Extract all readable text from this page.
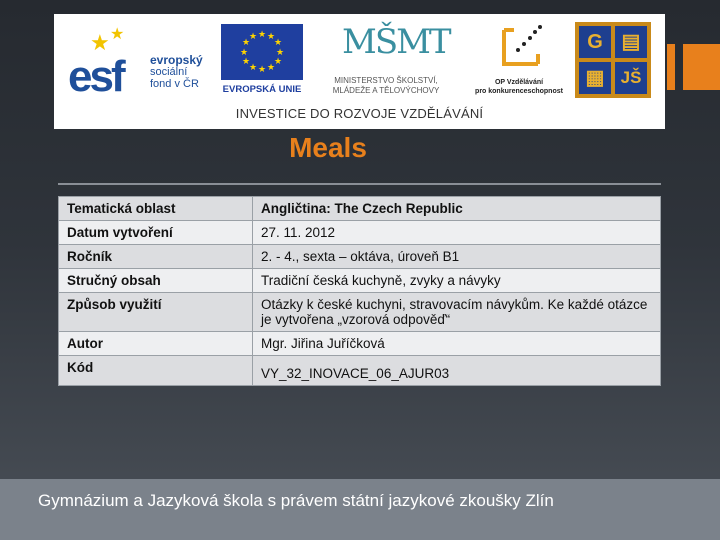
★ ★
esf evropský
sociální
fond v ČR
★ ★
★
★
★
★
★
★
★
★
★
★
EVROPSKÁ UNIE
MŠMT
MINISTERSTVO ŠKOLSTVÍ,
MLÁDEŽE A TĚLOVÝCHOVY
OP Vzdělávání
pro konkurenceschopnost
G ▤
▦ JŠ
INVESTICE DO ROZVOJE VZDĚLÁVÁNÍ
Meals
Tematická oblast	Angličtina: The Czech Republic
Datum vytvoření	27. 11. 2012
Ročník	2. - 4., sexta – oktáva, úroveň B1
Stručný obsah	Tradiční česká kuchyně, zvyky a návyky
Způsob využití	Otázky k české kuchyni, stravovacím návykům. Ke každé otázce je vytvořena „vzorová odpověď“
Autor	Mgr. Jiřina Juříčková
Kód	VY_32_INOVACE_06_AJUR03
Gymnázium a Jazyková škola s právem státní jazykové zkoušky Zlín
